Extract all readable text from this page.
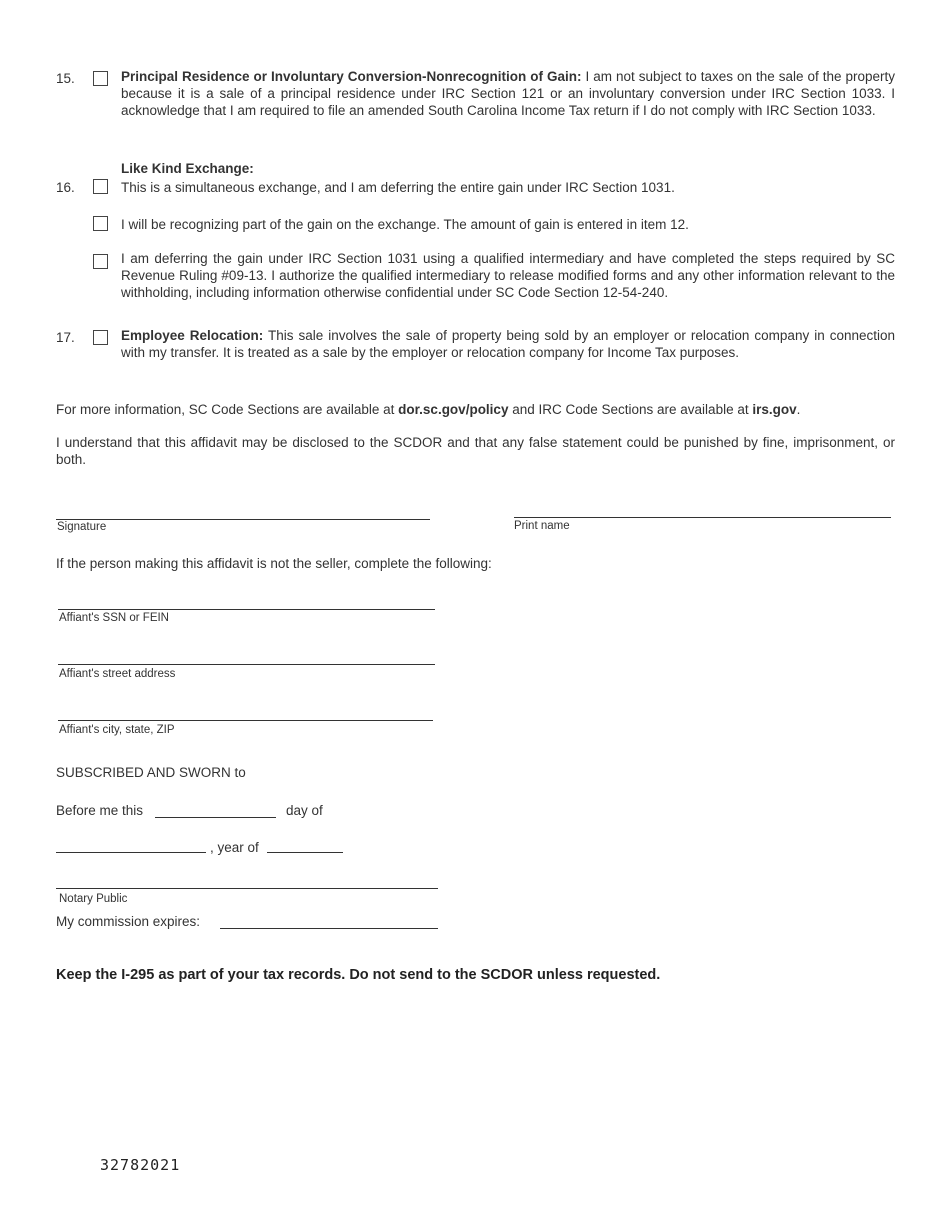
15.	Principal Residence or Involuntary Conversion-Nonrecognition of Gain: I am not subject to taxes on the sale of the property because it is a sale of a principal residence under IRC Section 121 or an involuntary conversion under IRC Section 1033. I acknowledge that I am required to file an amended South Carolina Income Tax return if I do not comply with IRC Section 1033.
Like Kind Exchange:
16.	This is a simultaneous exchange, and I am deferring the entire gain under IRC Section 1031.
I will be recognizing part of the gain on the exchange. The amount of gain is entered in item 12.
I am deferring the gain under IRC Section 1031 using a qualified intermediary and have completed the steps required by SC Revenue Ruling #09-13. I authorize the qualified intermediary to release modified forms and any other information relevant to the withholding, including information otherwise confidential under SC Code Section 12-54-240.
17.	Employee Relocation: This sale involves the sale of property being sold by an employer or relocation company in connection with my transfer. It is treated as a sale by the employer or relocation company for Income Tax purposes.
For more information, SC Code Sections are available at dor.sc.gov/policy and IRC Code Sections are available at irs.gov.
I understand that this affidavit may be disclosed to the SCDOR and that any false statement could be punished by fine, imprisonment, or both.
Signature	Print name
If the person making this affidavit is not the seller, complete the following:
Affiant's SSN or FEIN
Affiant's street address
Affiant's city, state, ZIP
SUBSCRIBED AND SWORN to
Before me this	day of
, year of
Notary Public
My commission expires:
Keep the I-295 as part of your tax records. Do not send to the SCDOR unless requested.
32782021
